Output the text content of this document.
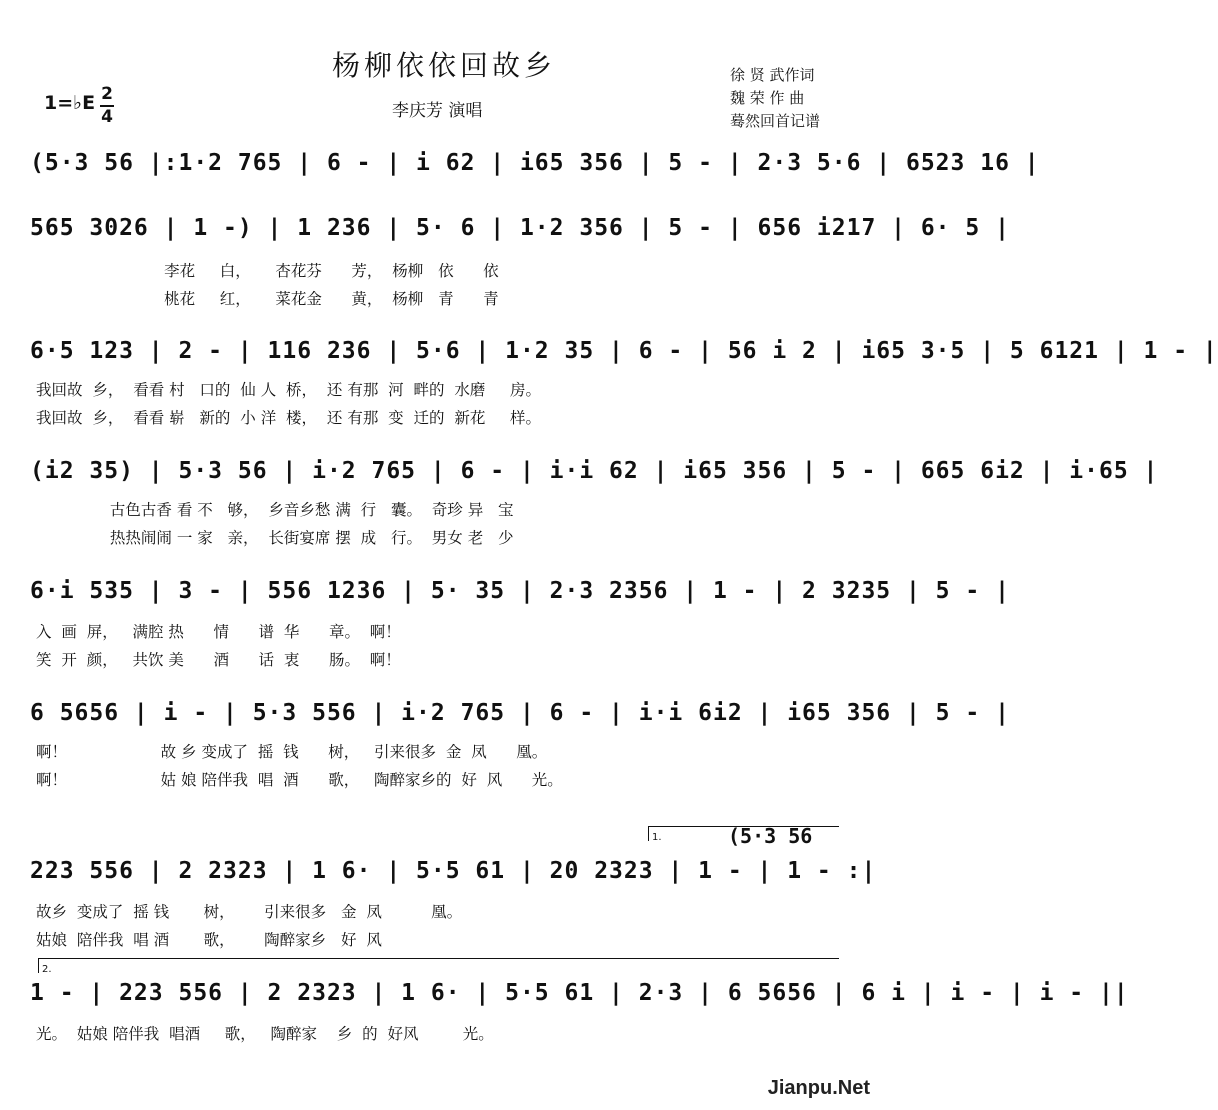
杨柳依依回故乡
1=♭E 2
4	李庆芳 演唱
徐 贤 武作词
魏 荣 作 曲
蓦然回首记谱
(5·3 56 |:1·2 765 | 6 - | i 62 | i65 356 | 5 - | 2·3 5·6 | 6523 16 |
565 3026 | 1 -) | 1 236 | 5· 6 | 1·2 356 | 5 - | 656 i217 | 6· 5 |
李花     白，     杏花芬      芳，  杨柳   依      依
桃花     红，     菜花金      黄，  杨柳   青      青
6·5 123 | 2 - | 116 236 | 5·6 | 1·2 35 | 6 - | 56 i 2 | i65 3·5 | 5 6121 | 1 - |
我回故  乡，  看看 村   口的  仙 人  桥，  还 有那  河  畔的  水磨     房。
我回故  乡，  看看 崭   新的  小 洋  楼，  还 有那  变  迁的  新花     样。
(i2 35) | 5·3 56 | i·2 765 | 6 - | i·i 62 | i65 356 | 5 - | 665 6i2 | i·65 |
古色古香 看 不   够，  乡音乡愁 满  行   囊。  奇珍 异   宝
热热闹闹 一 家   亲，  长街宴席 摆  成   行。  男女 老   少
6·i 535 | 3 - | 556 1236 | 5· 35 | 2·3 2356 | 1 - | 2 3235 | 5 - |
入  画  屏，   满腔 热      情      谱  华      章。  啊！
笑  开  颜，   共饮 美      酒      话  衷      肠。  啊！
6 5656 | i - | 5·3 556 | i·2 765 | 6 - | i·i 6i2 | i65 356 | 5 - |
啊！                   故 乡 变成了  摇  钱      树，   引来很多  金  凤      凰。
啊！                   姑 娘 陪伴我  唱  酒      歌，   陶醉家乡的  好  风      光。
1.	(5·3 56
223 556 | 2 2323 | 1 6· | 5·5 61 | 20 2323 | 1 - | 1 - :|
故乡  变成了  摇 钱       树，      引来很多   金  凤          凰。
姑娘  陪伴我  唱 酒       歌，      陶醉家乡   好  风
2.
1 - | 223 556 | 2 2323 | 1 6· | 5·5 61 | 2·3 | 6 5656 | 6 i | i - | i - ||
光。  姑娘 陪伴我  唱酒     歌，   陶醉家    乡  的  好风         光。
Jianpu.Net
